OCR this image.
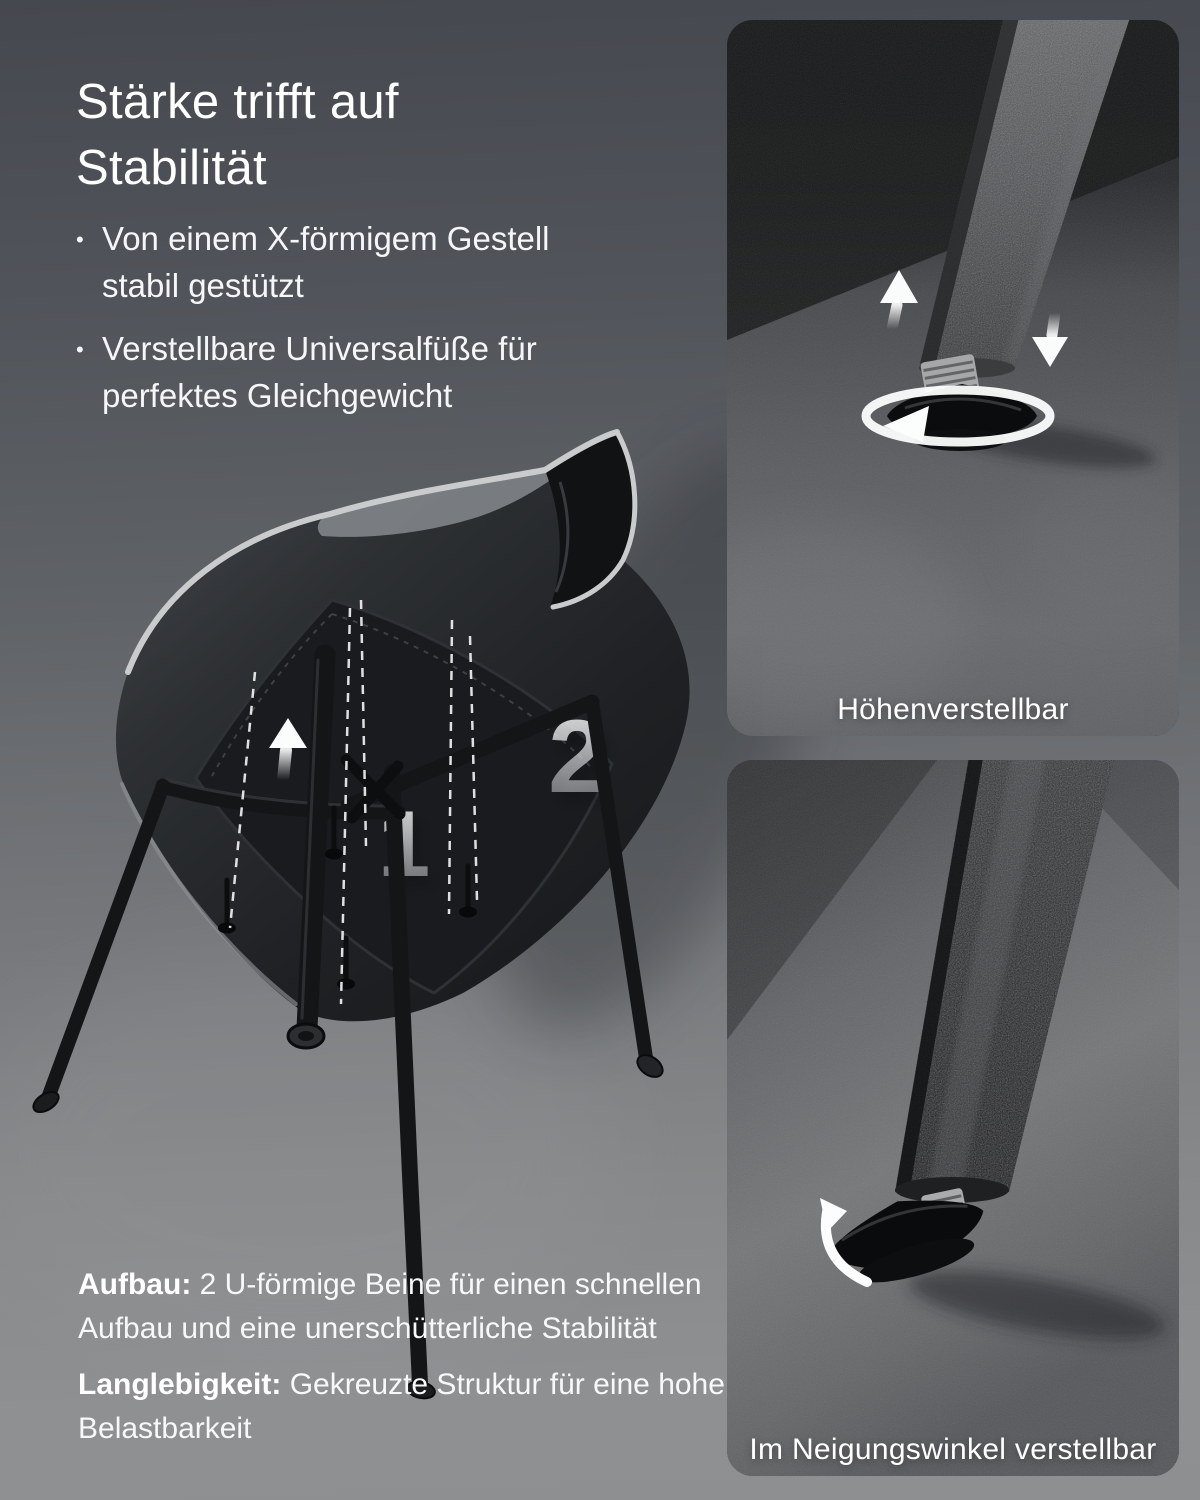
2
1
Stärke trifft auf
Stabilität
• Von einem X-förmigem Gestell
stabil gestützt
• Verstellbare Universalfüße für
perfektes Gleichgewicht

Aufbau: 2 U-förmige Beine für einen schnellen Aufbau und eine unerschütterliche Stabilität

Langlebigkeit: Gekreuzte Struktur für eine hohe Belastbarkeit

Höhenverstellbar
Im Neigungswinkel verstellbar
